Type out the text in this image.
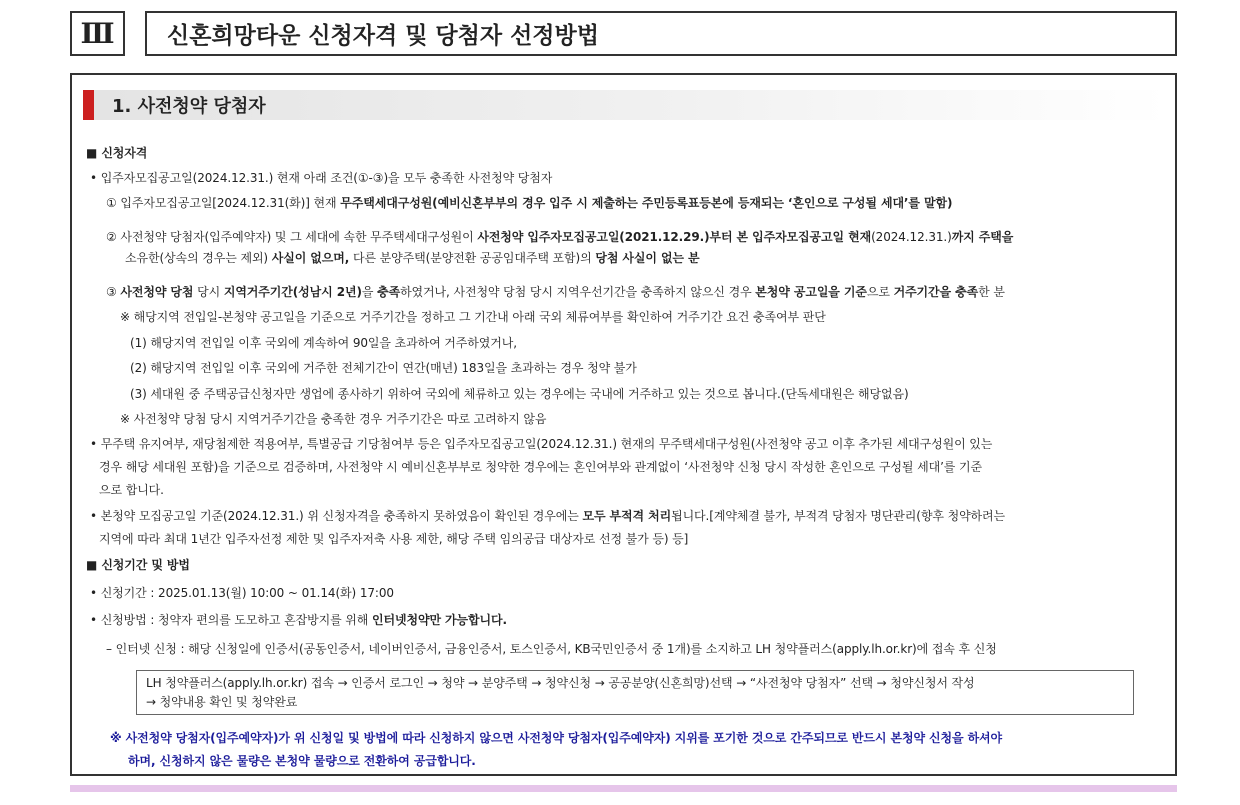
Ⅲ	신혼희망타운 신청자격 및 당첨자 선정방법
1. 사전청약 당첨자
■ 신청자격
• 입주자모집공고일(2024.12.31.) 현재 아래 조건(①-③)을 모두 충족한 사전청약 당첨자
① 입주자모집공고일[2024.12.31(화)] 현재 무주택세대구성원(예비신혼부부의 경우 입주 시 제출하는 주민등록표등본에 등재되는 ‘혼인으로 구성될 세대’를 말함)
② 사전청약 당첨자(입주예약자) 및 그 세대에 속한 무주택세대구성원이 사전청약 입주자모집공고일(2021.12.29.)부터 본 입주자모집공고일 현재(2024.12.31.)까지 주택을
소유한(상속의 경우는 제외) 사실이 없으며, 다른 분양주택(분양전환 공공임대주택 포함)의 당첨 사실이 없는 분
③ 사전청약 당첨 당시 지역거주기간(성남시 2년)을 충족하였거나, 사전청약 당첨 당시 지역우선기간을 충족하지 않으신 경우 본청약 공고일을 기준으로 거주기간을 충족한 분
※ 해당지역 전입일-본청약 공고일을 기준으로 거주기간을 정하고 그 기간내 아래 국외 체류여부를 확인하여 거주기간 요건 충족여부 판단
(1) 해당지역 전입일 이후 국외에 계속하여 90일을 초과하여 거주하였거나,
(2) 해당지역 전입일 이후 국외에 거주한 전체기간이 연간(매년) 183일을 초과하는 경우 청약 불가
(3) 세대원 중 주택공급신청자만 생업에 종사하기 위하여 국외에 체류하고 있는 경우에는 국내에 거주하고 있는 것으로 봅니다.(단독세대원은 해당없음)
※ 사전청약 당첨 당시 지역거주기간을 충족한 경우 거주기간은 따로 고려하지 않음
• 무주택 유지여부, 재당첨제한 적용여부, 특별공급 기당첨여부 등은 입주자모집공고일(2024.12.31.) 현재의 무주택세대구성원(사전청약 공고 이후 추가된 세대구성원이 있는
경우 해당 세대원 포함)을 기준으로 검증하며, 사전청약 시 예비신혼부부로 청약한 경우에는 혼인여부와 관계없이 ‘사전청약 신청 당시 작성한 혼인으로 구성될 세대’를 기준
으로 합니다.
• 본청약 모집공고일 기준(2024.12.31.) 위 신청자격을 충족하지 못하였음이 확인된 경우에는 모두 부적격 처리됩니다.[계약체결 불가, 부적격 당첨자 명단관리(향후 청약하려는
지역에 따라 최대 1년간 입주자선정 제한 및 입주자저축 사용 제한, 해당 주택 임의공급 대상자로 선정 불가 등) 등]
■ 신청기간 및 방법
• 신청기간 : 2025.01.13(월) 10:00 ~ 01.14(화) 17:00
• 신청방법 : 청약자 편의를 도모하고 혼잡방지를 위해 인터넷청약만 가능합니다.
– 인터넷 신청 : 해당 신청일에 인증서(공동인증서, 네이버인증서, 금융인증서, 토스인증서, KB국민인증서 중 1개)를 소지하고 LH 청약플러스(apply.lh.or.kr)에 접속 후 신청
LH 청약플러스(apply.lh.or.kr) 접속 → 인증서 로그인 → 청약 → 분양주택 → 청약신청 → 공공분양(신혼희망)선택 → “사전청약 당첨자” 선택 → 청약신청서 작성
→ 청약내용 확인 및 청약완료
※ 사전청약 당첨자(입주예약자)가 위 신청일 및 방법에 따라 신청하지 않으면 사전청약 당첨자(입주예약자) 지위를 포기한 것으로 간주되므로 반드시 본청약 신청을 하셔야
하며, 신청하지 않은 물량은 본청약 물량으로 전환하여 공급합니다.
